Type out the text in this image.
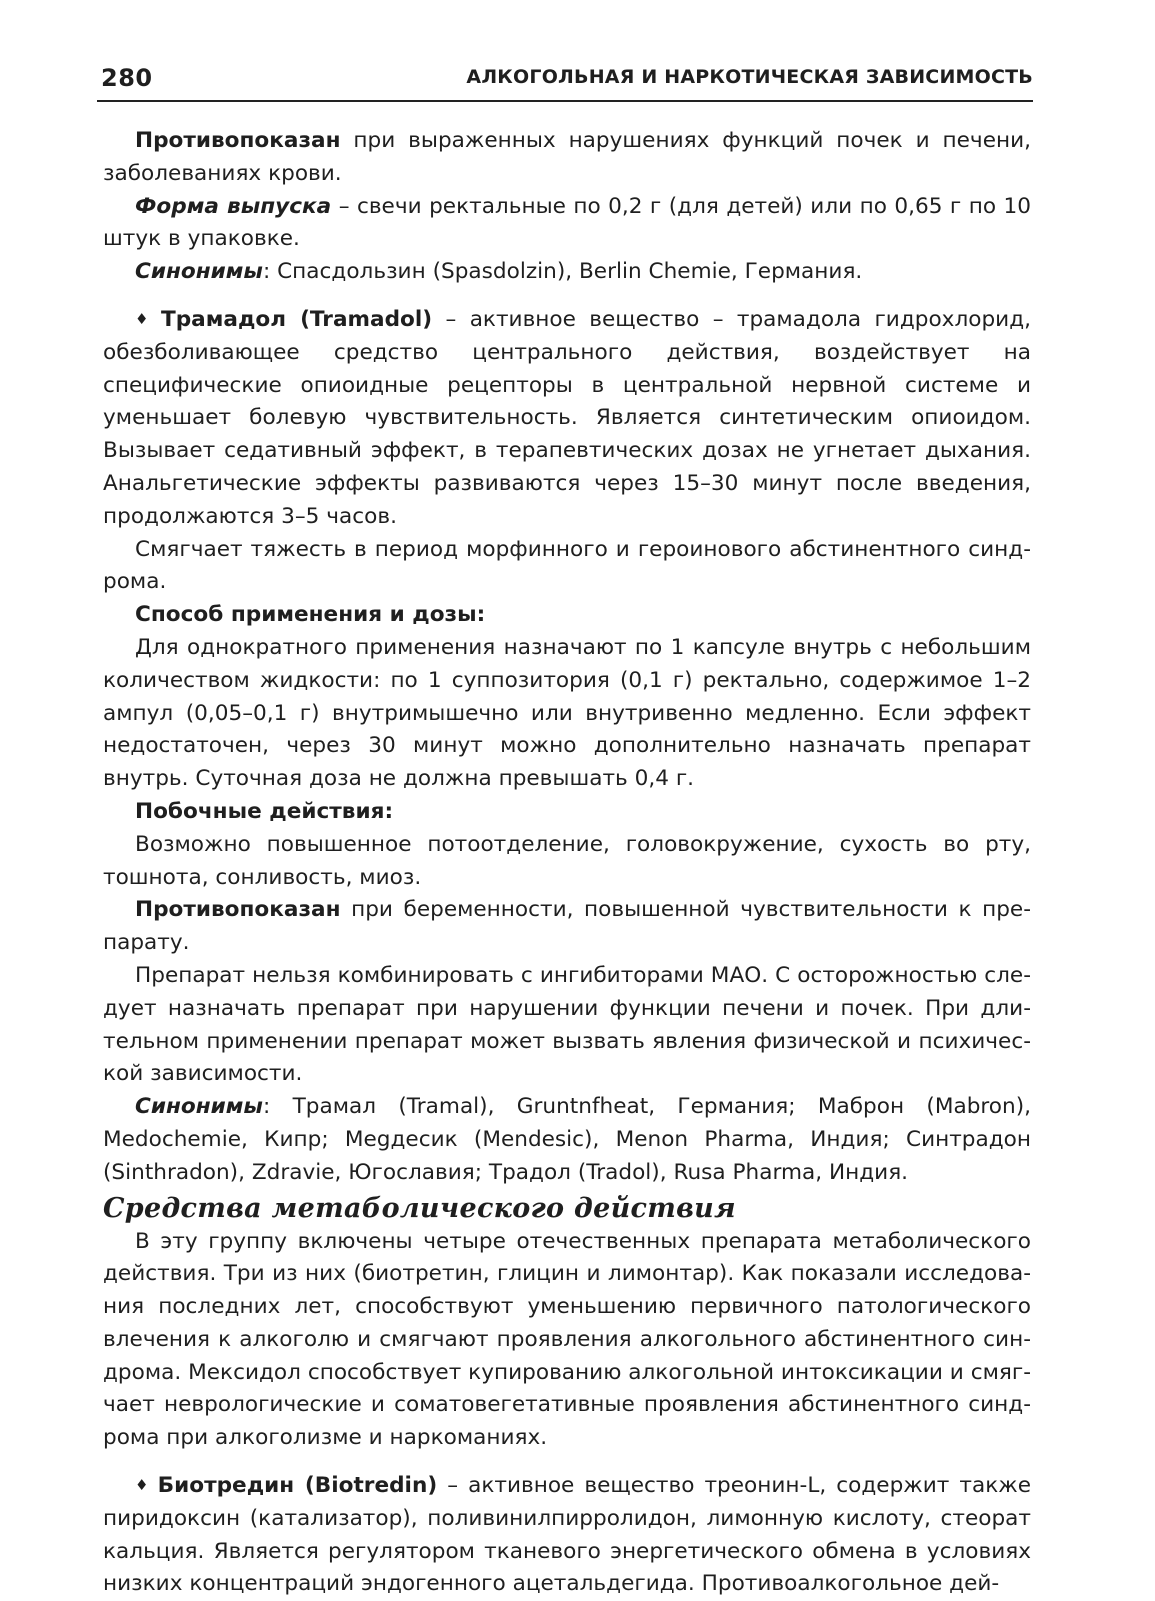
280	АЛКОГОЛЬНАЯ И НАРКОТИЧЕСКАЯ ЗАВИСИМОСТЬ

Противопоказан при выраженных нарушениях функций почек и печени, заболеваниях крови.

Форма выпуска – свечи ректальные по 0,2 г (для детей) или по 0,65 г по 10 штук в упаковке.

Синонимы: Спасдользин (Spasdolzin), Berlin Chemie, Германия.

♦ Трамадол (Tramadol) – активное вещество – трамадола гидрохлорид, обезболивающее средство центрального действия, воздействует на специфические опиоидные рецепторы в центральной нервной системе и уменьшает болевую чувствительность. Является синтетическим опиоидом. Вызывает седативный эффект, в терапевтических дозах не угнетает дыхания. Анальгетические эффекты развиваются через 15–30 минут после введения, продолжаются 3–5 часов.

Смягчает тяжесть в период морфинного и героинового абстинентного синдрома.

Способ применения и дозы:

Для однократного применения назначают по 1 капсуле внутрь с небольшим количеством жидкости: по 1 суппозитория (0,1 г) ректально, содержимое 1–2 ампул (0,05–0,1 г) внутримышечно или внутривенно медленно. Если эффект недостаточен, через 30 минут можно дополнительно назначать препарат внутрь. Суточная доза не должна превышать 0,4 г.

Побочные действия:

Возможно повышенное потоотделение, головокружение, сухость во рту, тошнота, сонливость, миоз.

Противопоказан при беременности, повышенной чувствительности к препарату.

Препарат нельзя комбинировать с ингибиторами МАО. С осторожностью следует назначать препарат при нарушении функции печени и почек. При длительном применении препарат может вызвать явления физической и психической зависимости.

Синонимы: Трамал (Tramal), Gruntnfheat, Германия; Маброн (Mabron), Medochemie, Кипр; Megдесик (Mendesic), Menon Pharma, Индия; Синтрадон (Sinthradon), Zdravie, Югославия; Традол (Tradol), Rusa Pharma, Индия.

Средства метаболического действия

В эту группу включены четыре отечественных препарата метаболического действия. Три из них (биотретин, глицин и лимонтар). Как показали исследования последних лет, способствуют уменьшению первичного патологического влечения к алкоголю и смягчают проявления алкогольного абстинентного синдрома. Мексидол способствует купированию алкогольной интоксикации и смягчает неврологические и соматовегетативные проявления абстинентного синдрома при алкоголизме и наркоманиях.

♦ Биотредин (Biotredin) – активное вещество треонин-L, содержит также пиридоксин (катализатор), поливинилпирролидон, лимонную кислоту, стеорат кальция. Является регулятором тканевого энергетического обмена в условиях низких концентраций эндогенного ацетальдегида. Противоалкогольное дей-
